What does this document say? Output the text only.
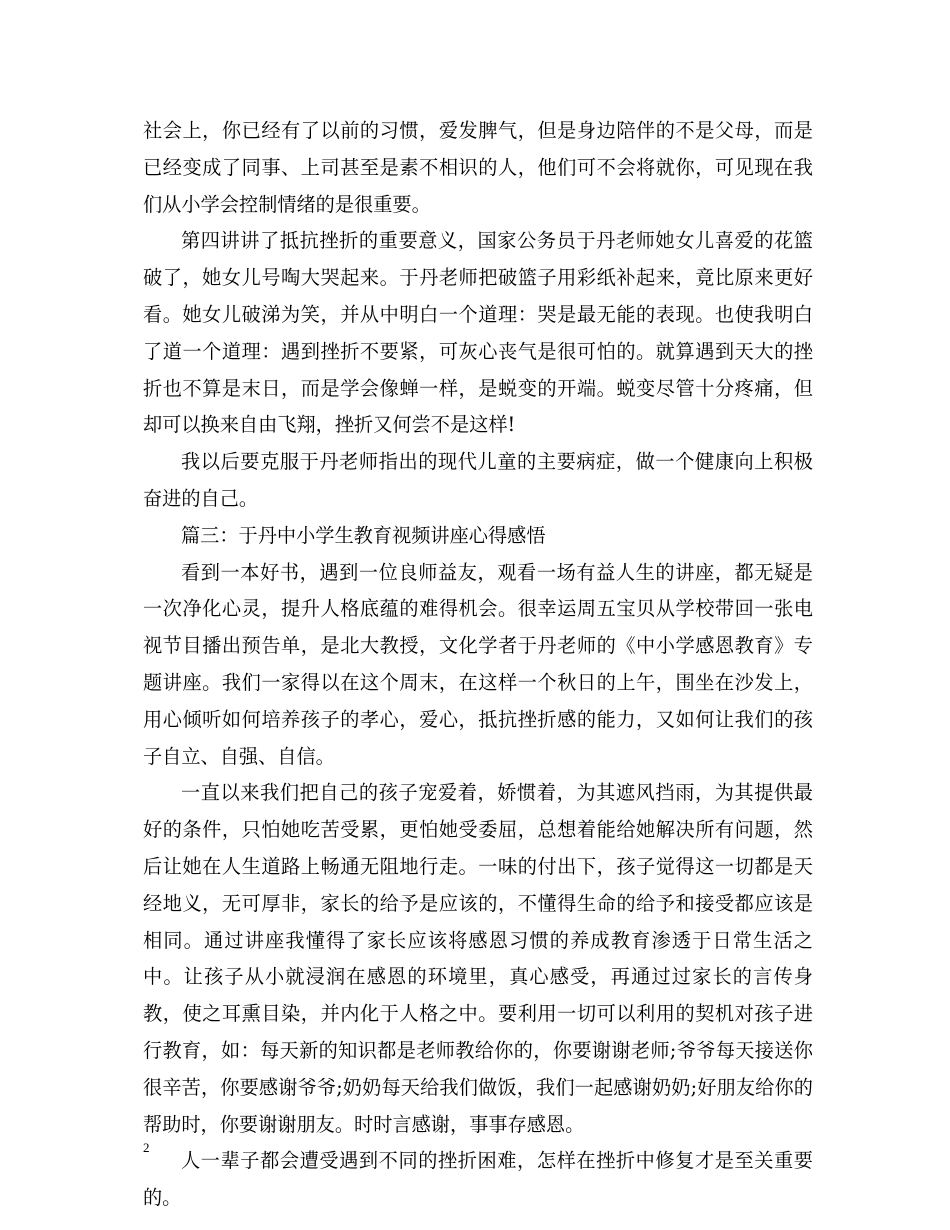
社会上，你已经有了以前的习惯，爱发脾气，但是身边陪伴的不是父母，而是已经变成了同事、上司甚至是素不相识的人，他们可不会将就你，可见现在我们从小学会控制情绪的是很重要。

第四讲讲了抵抗挫折的重要意义，国家公务员于丹老师她女儿喜爱的花篮破了，她女儿号啕大哭起来。于丹老师把破篮子用彩纸补起来，竟比原来更好看。她女儿破涕为笑，并从中明白一个道理：哭是最无能的表现。也使我明白了道一个道理：遇到挫折不要紧，可灰心丧气是很可怕的。就算遇到天大的挫折也不算是末日，而是学会像蝉一样，是蜕变的开端。蜕变尽管十分疼痛，但却可以换来自由飞翔，挫折又何尝不是这样!

我以后要克服于丹老师指出的现代儿童的主要病症，做一个健康向上积极奋进的自己。

篇三：于丹中小学生教育视频讲座心得感悟

看到一本好书，遇到一位良师益友，观看一场有益人生的讲座，都无疑是一次净化心灵，提升人格底蕴的难得机会。很幸运周五宝贝从学校带回一张电视节目播出预告单，是北大教授，文化学者于丹老师的《中小学感恩教育》专题讲座。我们一家得以在这个周末，在这样一个秋日的上午，围坐在沙发上，用心倾听如何培养孩子的孝心，爱心，抵抗挫折感的能力，又如何让我们的孩子自立、自强、自信。

一直以来我们把自己的孩子宠爱着，娇惯着，为其遮风挡雨，为其提供最好的条件，只怕她吃苦受累，更怕她受委屈，总想着能给她解决所有问题，然后让她在人生道路上畅通无阻地行走。一味的付出下，孩子觉得这一切都是天经地义，无可厚非，家长的给予是应该的，不懂得生命的给予和接受都应该是相同。通过讲座我懂得了家长应该将感恩习惯的养成教育渗透于日常生活之中。让孩子从小就浸润在感恩的环境里，真心感受，再通过过家长的言传身教，使之耳熏目染，并内化于人格之中。要利用一切可以利用的契机对孩子进行教育，如：每天新的知识都是老师教给你的，你要谢谢老师;爷爷每天接送你很辛苦，你要感谢爷爷;奶奶每天给我们做饭，我们一起感谢奶奶;好朋友给你的帮助时，你要谢谢朋友。时时言感谢，事事存感恩。

人一辈子都会遭受遇到不同的挫折困难，怎样在挫折中修复才是至关重要的。

2
